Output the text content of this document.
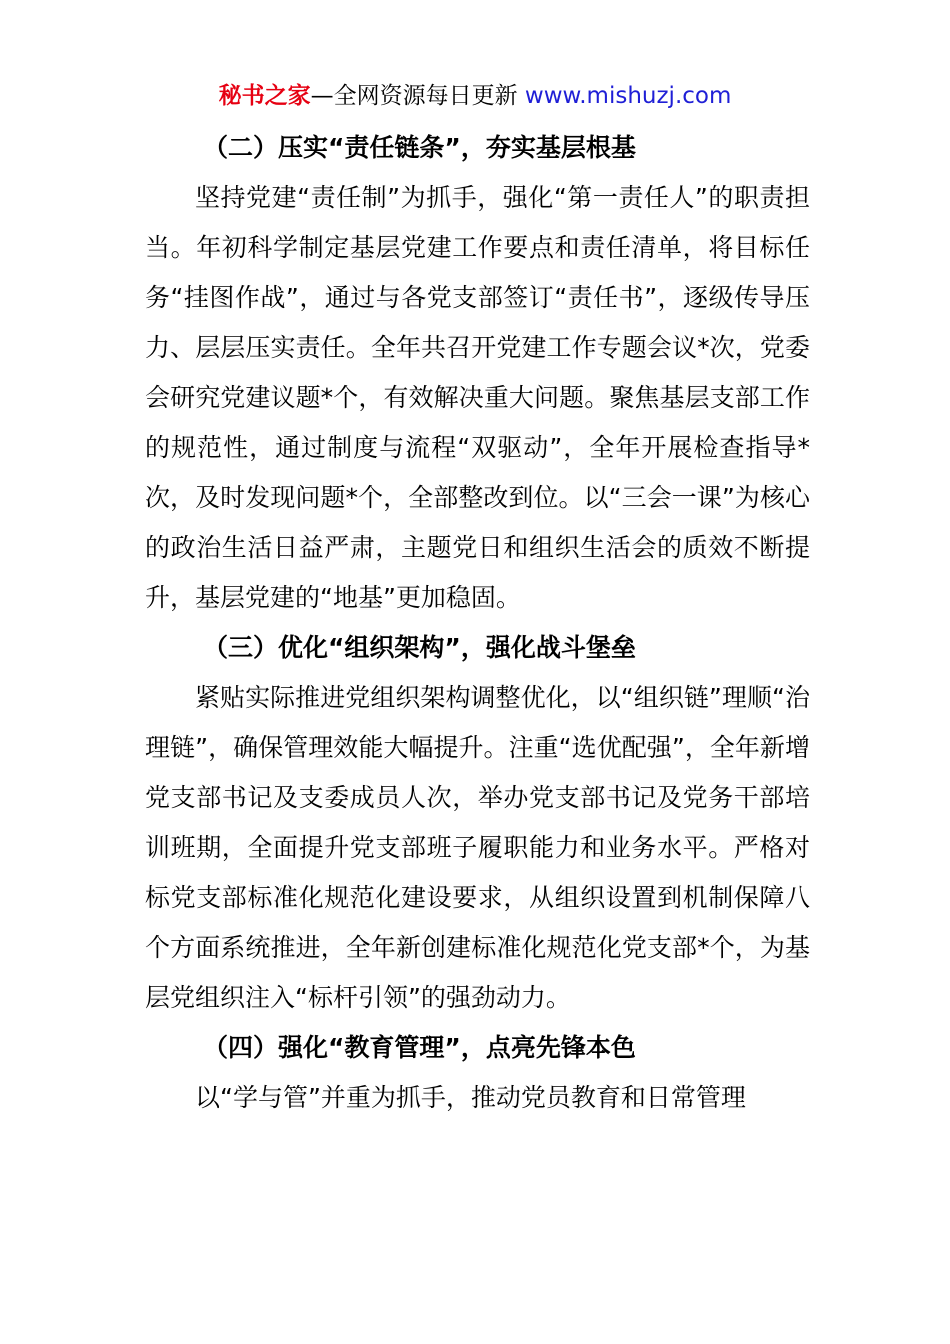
秘书之家—全网资源每日更新 www.mishuzj.com
（二）压实“责任链条”，夯实基层根基

坚持党建“责任制”为抓手，强化“第一责任人”的职责担当。年初科学制定基层党建工作要点和责任清单，将目标任务“挂图作战”，通过与各党支部签订“责任书”，逐级传导压力、层层压实责任。全年共召开党建工作专题会议*次，党委会研究党建议题*个，有效解决重大问题。聚焦基层支部工作的规范性，通过制度与流程“双驱动”，全年开展检查指导*次，及时发现问题*个，全部整改到位。以“三会一课”为核心的政治生活日益严肃，主题党日和组织生活会的质效不断提升，基层党建的“地基”更加稳固。

（三）优化“组织架构”，强化战斗堡垒

紧贴实际推进党组织架构调整优化，以“组织链”理顺“治理链”，确保管理效能大幅提升。注重“选优配强”，全年新增党支部书记及支委成员人次，举办党支部书记及党务干部培训班期，全面提升党支部班子履职能力和业务水平。严格对标党支部标准化规范化建设要求，从组织设置到机制保障八个方面系统推进，全年新创建标准化规范化党支部*个，为基层党组织注入“标杆引领”的强劲动力。

（四）强化“教育管理”，点亮先锋本色

以“学与管”并重为抓手，推动党员教育和日常管理
